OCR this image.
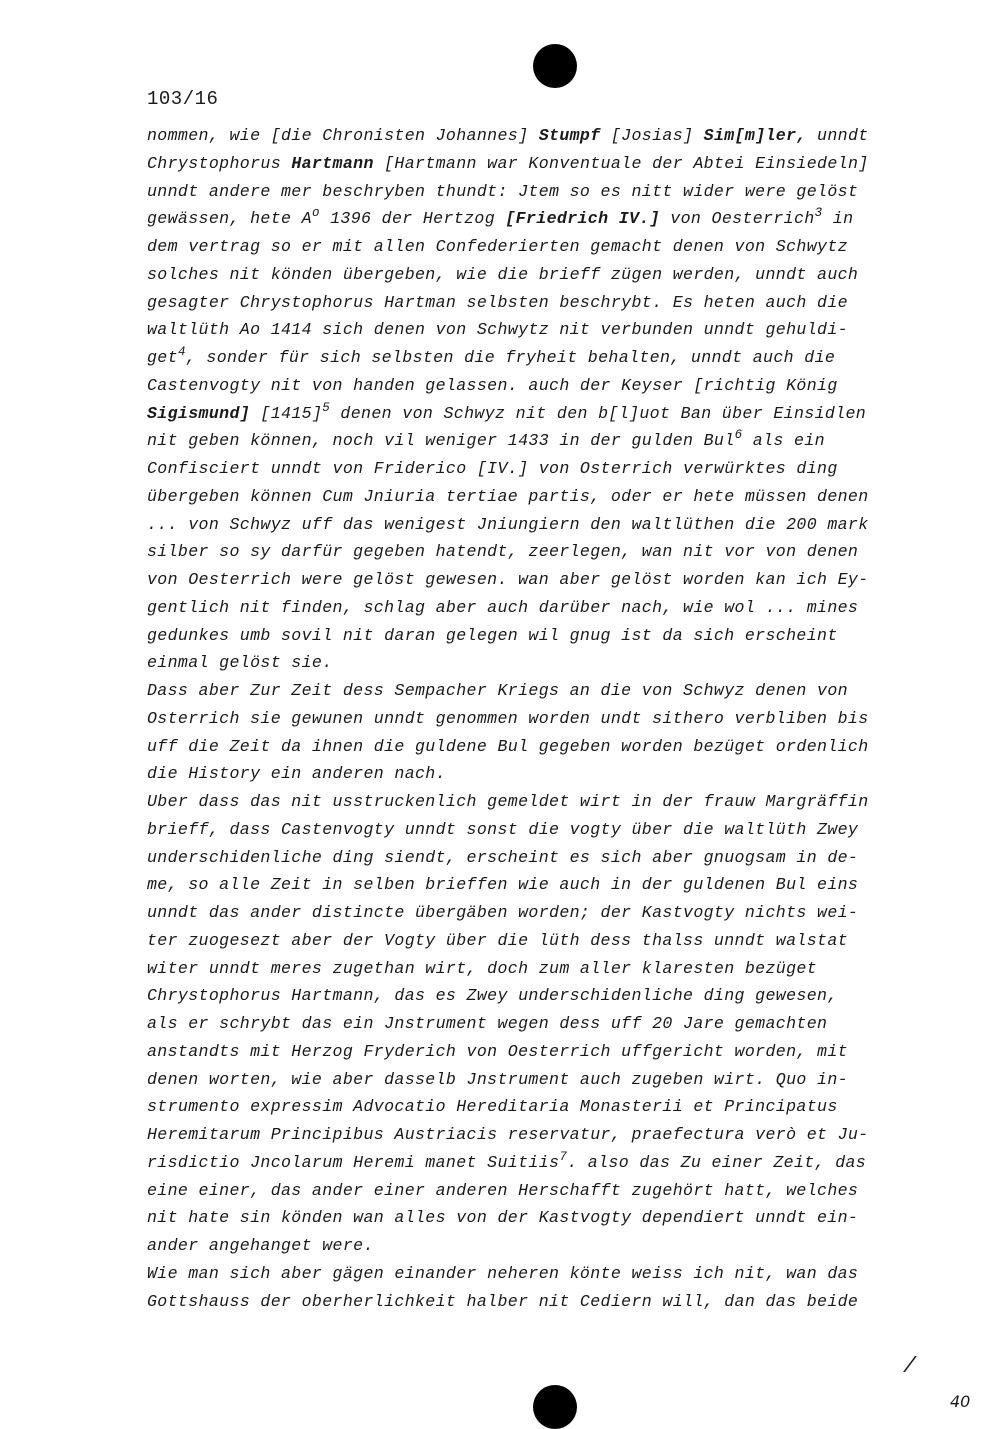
103/16
nommen, wie [die Chronisten Johannes] Stumpf [Josias] Sim[m]ler, unndt
Chrystophorus Hartmann [Hartmann war Konventuale der Abtei Einsiedeln]
unndt andere mer beschryben thundt: Jtem so es nitt wider were gelöst
gewässen, hete $A^o$ 1396 der Hertzog [Friedrich IV.] von Oesterrich$^3$ in
dem vertrag so er mit allen Confederierten gemacht denen von Schwytz
solches nit könden übergeben, wie die brieff zügen werden, unndt auch
gesagter Chrystophorus Hartman selbsten beschrybt. Es heten auch die
waltlüth Ao 1414 sich denen von Schwytz nit verbunden unndt gehuldi-
get$^4$, sonder für sich selbsten die fryheit behalten, unndt auch die
Castenvogty nit von handen gelassen. auch der Keyser [richtig König
Sigismund] $[1415]^5$ denen von Schwyz nit den b[l]uot Ban über Einsidlen
nit geben können, noch vil weniger 1433 in der gulden Bul$^6$ als ein
Confisciert unndt von Friderico [IV.] von Osterrich verwürktes ding
übergeben können Cum Jniuria tertiae partis, oder er hete müssen denen
... von Schwyz uff das wenigest Jniungiern den waltlüthen die 200 mark
silber so sy darfür gegeben hatendt, zeerlegen, wan nit vor von denen
von Oesterrich were gelöst gewesen. wan aber gelöst worden kan ich Ey-
gentlich nit finden, schlag aber auch darüber nach, wie wol ... mines
gedunkes umb sovil nit daran gelegen wil gnug ist da sich erscheint
einmal gelöst sie.
Dass aber Zur Zeit dess Sempacher Kriegs an die von Schwyz denen von
Osterrich sie gewunen unndt genommen worden undt sithero verbliben bis
uff die Zeit da ihnen die guldene Bul gegeben worden bezüget ordenlich
die History ein anderen nach.
Uber dass das nit usstruckenlich gemeldet wirt in der frauw Margräffin
brieff, dass Castenvogty unndt sonst die vogty über die waltlüth Zwey
underschidenliche ding siendt, erscheint es sich aber gnuogsam in de-
me, so alle Zeit in selben brieffen wie auch in der guldenen Bul eins
unndt das ander distincte übergäben worden; der Kastvogty nichts wei-
ter zuogesezt aber der Vogty über die lüth dess thalss unndt walstat
witer unndt meres zugethan wirt, doch zum aller klaresten bezüget
Chrystophorus Hartmann, das es Zwey underschidenliche ding gewesen,
als er schrybt das ein Jnstrument wegen dess uff 20 Jare gemachten
anstandts mit Herzog Fryderich von Oesterrich uffgericht worden, mit
denen worten, wie aber dasselb Jnstrument auch zugeben wirt. Quo in-
strumento expressim Advocatio Hereditaria Monasterii et Principatus
Heremitarum Principibus Austriacis reservatur, praefectura verò et Ju-
risdictio Jncolarum Heremi manet Suitiis$^7$. also das Zu einer Zeit, das
eine einer, das ander einer anderen Herschafft zugehört hatt, welches
nit hate sin könden wan alles von der Kastvogty dependiert unndt ein-
ander angehanget were.
Wie man sich aber gägen einander neheren könte weiss ich nit, wan das
Gottshauss der oberherlichkeit halber nit Cediern will, dan das beide
/
40
